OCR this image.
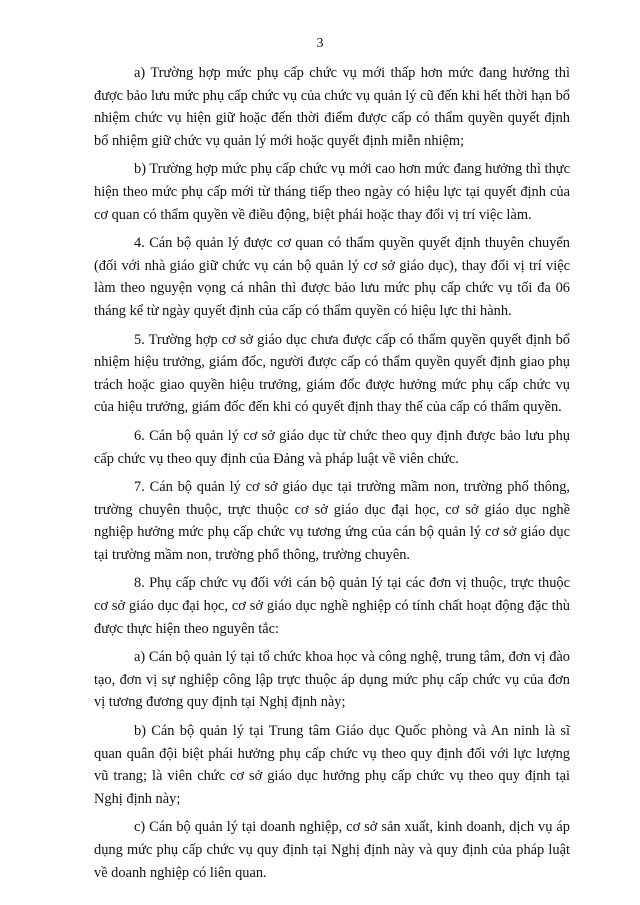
3

a) Trường hợp mức phụ cấp chức vụ mới thấp hơn mức đang hưởng thì được bảo lưu mức phụ cấp chức vụ của chức vụ quản lý cũ đến khi hết thời hạn bổ nhiệm chức vụ hiện giữ hoặc đến thời điểm được cấp có thẩm quyền quyết định bổ nhiệm giữ chức vụ quản lý mới hoặc quyết định miễn nhiệm;

b) Trường hợp mức phụ cấp chức vụ mới cao hơn mức đang hưởng thì thực hiện theo mức phụ cấp mới từ tháng tiếp theo ngày có hiệu lực tại quyết định của cơ quan có thẩm quyền về điều động, biệt phái hoặc thay đổi vị trí việc làm.

4. Cán bộ quản lý được cơ quan có thẩm quyền quyết định thuyên chuyển (đối với nhà giáo giữ chức vụ cán bộ quản lý cơ sở giáo dục), thay đổi vị trí việc làm theo nguyện vọng cá nhân thì được bảo lưu mức phụ cấp chức vụ tối đa 06 tháng kể từ ngày quyết định của cấp có thẩm quyền có hiệu lực thi hành.

5. Trường hợp cơ sở giáo dục chưa được cấp có thẩm quyền quyết định bổ nhiệm hiệu trưởng, giám đốc, người được cấp có thẩm quyền quyết định giao phụ trách hoặc giao quyền hiệu trưởng, giám đốc được hưởng mức phụ cấp chức vụ của hiệu trưởng, giám đốc đến khi có quyết định thay thế của cấp có thẩm quyền.

6. Cán bộ quản lý cơ sở giáo dục từ chức theo quy định được bảo lưu phụ cấp chức vụ theo quy định của Đảng và pháp luật về viên chức.

7. Cán bộ quản lý cơ sở giáo dục tại trường mầm non, trường phổ thông, trường chuyên thuộc, trực thuộc cơ sở giáo dục đại học, cơ sở giáo dục nghề nghiệp hưởng mức phụ cấp chức vụ tương ứng của cán bộ quản lý cơ sở giáo dục tại trường mầm non, trường phổ thông, trường chuyên.

8. Phụ cấp chức vụ đối với cán bộ quản lý tại các đơn vị thuộc, trực thuộc cơ sở giáo dục đại học, cơ sở giáo dục nghề nghiệp có tính chất hoạt động đặc thù được thực hiện theo nguyên tắc:

a) Cán bộ quản lý tại tổ chức khoa học và công nghệ, trung tâm, đơn vị đào tạo, đơn vị sự nghiệp công lập trực thuộc áp dụng mức phụ cấp chức vụ của đơn vị tương đương quy định tại Nghị định này;

b) Cán bộ quản lý tại Trung tâm Giáo dục Quốc phòng và An ninh là sĩ quan quân đội biệt phái hưởng phụ cấp chức vụ theo quy định đối với lực lượng vũ trang; là viên chức cơ sở giáo dục hưởng phụ cấp chức vụ theo quy định tại Nghị định này;

c) Cán bộ quản lý tại doanh nghiệp, cơ sở sản xuất, kinh doanh, dịch vụ áp dụng mức phụ cấp chức vụ quy định tại Nghị định này và quy định của pháp luật về doanh nghiệp có liên quan.
